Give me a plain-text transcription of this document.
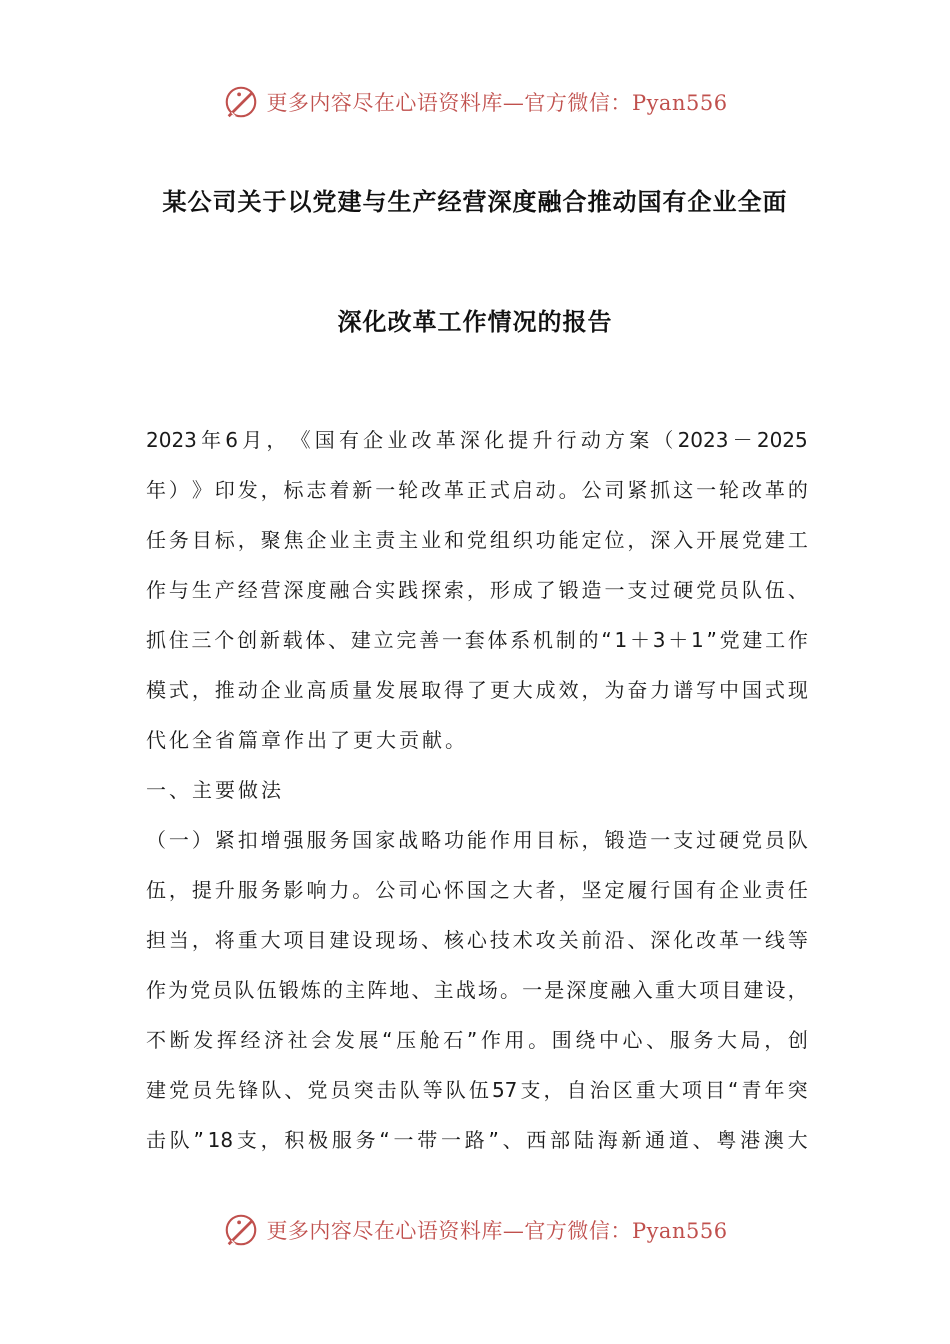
更多内容尽在心语资料库—官方微信：Pyan556
某公司关于以党建与生产经营深度融合推动国有企业全面
深化改革工作情况的报告
2023 年 6 月 ， 《 国 有 企 业 改 革 深 化 提 升 行 动 方 案 （ 2023 － 2025
年 ） 》 印 发 ， 标 志 着 新 一 轮 改 革 正 式 启 动 。 公 司 紧 抓 这 一 轮 改 革 的
任 务 目 标 ， 聚 焦 企 业 主 责 主 业 和 党 组 织 功 能 定 位 ， 深 入 开 展 党 建 工
作 与 生 产 经 营 深 度 融 合 实 践 探 索 ， 形 成 了 锻 造 一 支 过 硬 党 员 队 伍 、
抓 住 三 个 创 新 载 体 、 建 立 完 善 一 套 体 系 机 制 的 “ 1 ＋ 3 ＋ 1 ” 党 建 工 作
模 式 ， 推 动 企 业 高 质 量 发 展 取 得 了 更 大 成 效 ， 为 奋 力 谱 写 中 国 式 现
代化全省篇章作出了更大贡献。
一、主要做法
（ 一 ） 紧 扣 增 强 服 务 国 家 战 略 功 能 作 用 目 标 ， 锻 造 一 支 过 硬 党 员 队
伍 ， 提 升 服 务 影 响 力 。 公 司 心 怀 国 之 大 者 ， 坚 定 履 行 国 有 企 业 责 任
担 当 ， 将 重 大 项 目 建 设 现 场 、 核 心 技 术 攻 关 前 沿 、 深 化 改 革 一 线 等
作 为 党 员 队 伍 锻 炼 的 主 阵 地 、 主 战 场 。 一 是 深 度 融 入 重 大 项 目 建 设 ，
不 断 发 挥 经 济 社 会 发 展 “ 压 舱 石 ” 作 用 。 围 绕 中 心 、 服 务 大 局 ， 创
建 党 员 先 锋 队 、 党 员 突 击 队 等 队 伍 57 支 ， 自 治 区 重 大 项 目 “ 青 年 突
击 队 ” 18 支 ， 积 极 服 务 “ 一 带 一 路 ” 、 西 部 陆 海 新 通 道 、 粤 港 澳 大
更多内容尽在心语资料库—官方微信：Pyan556
